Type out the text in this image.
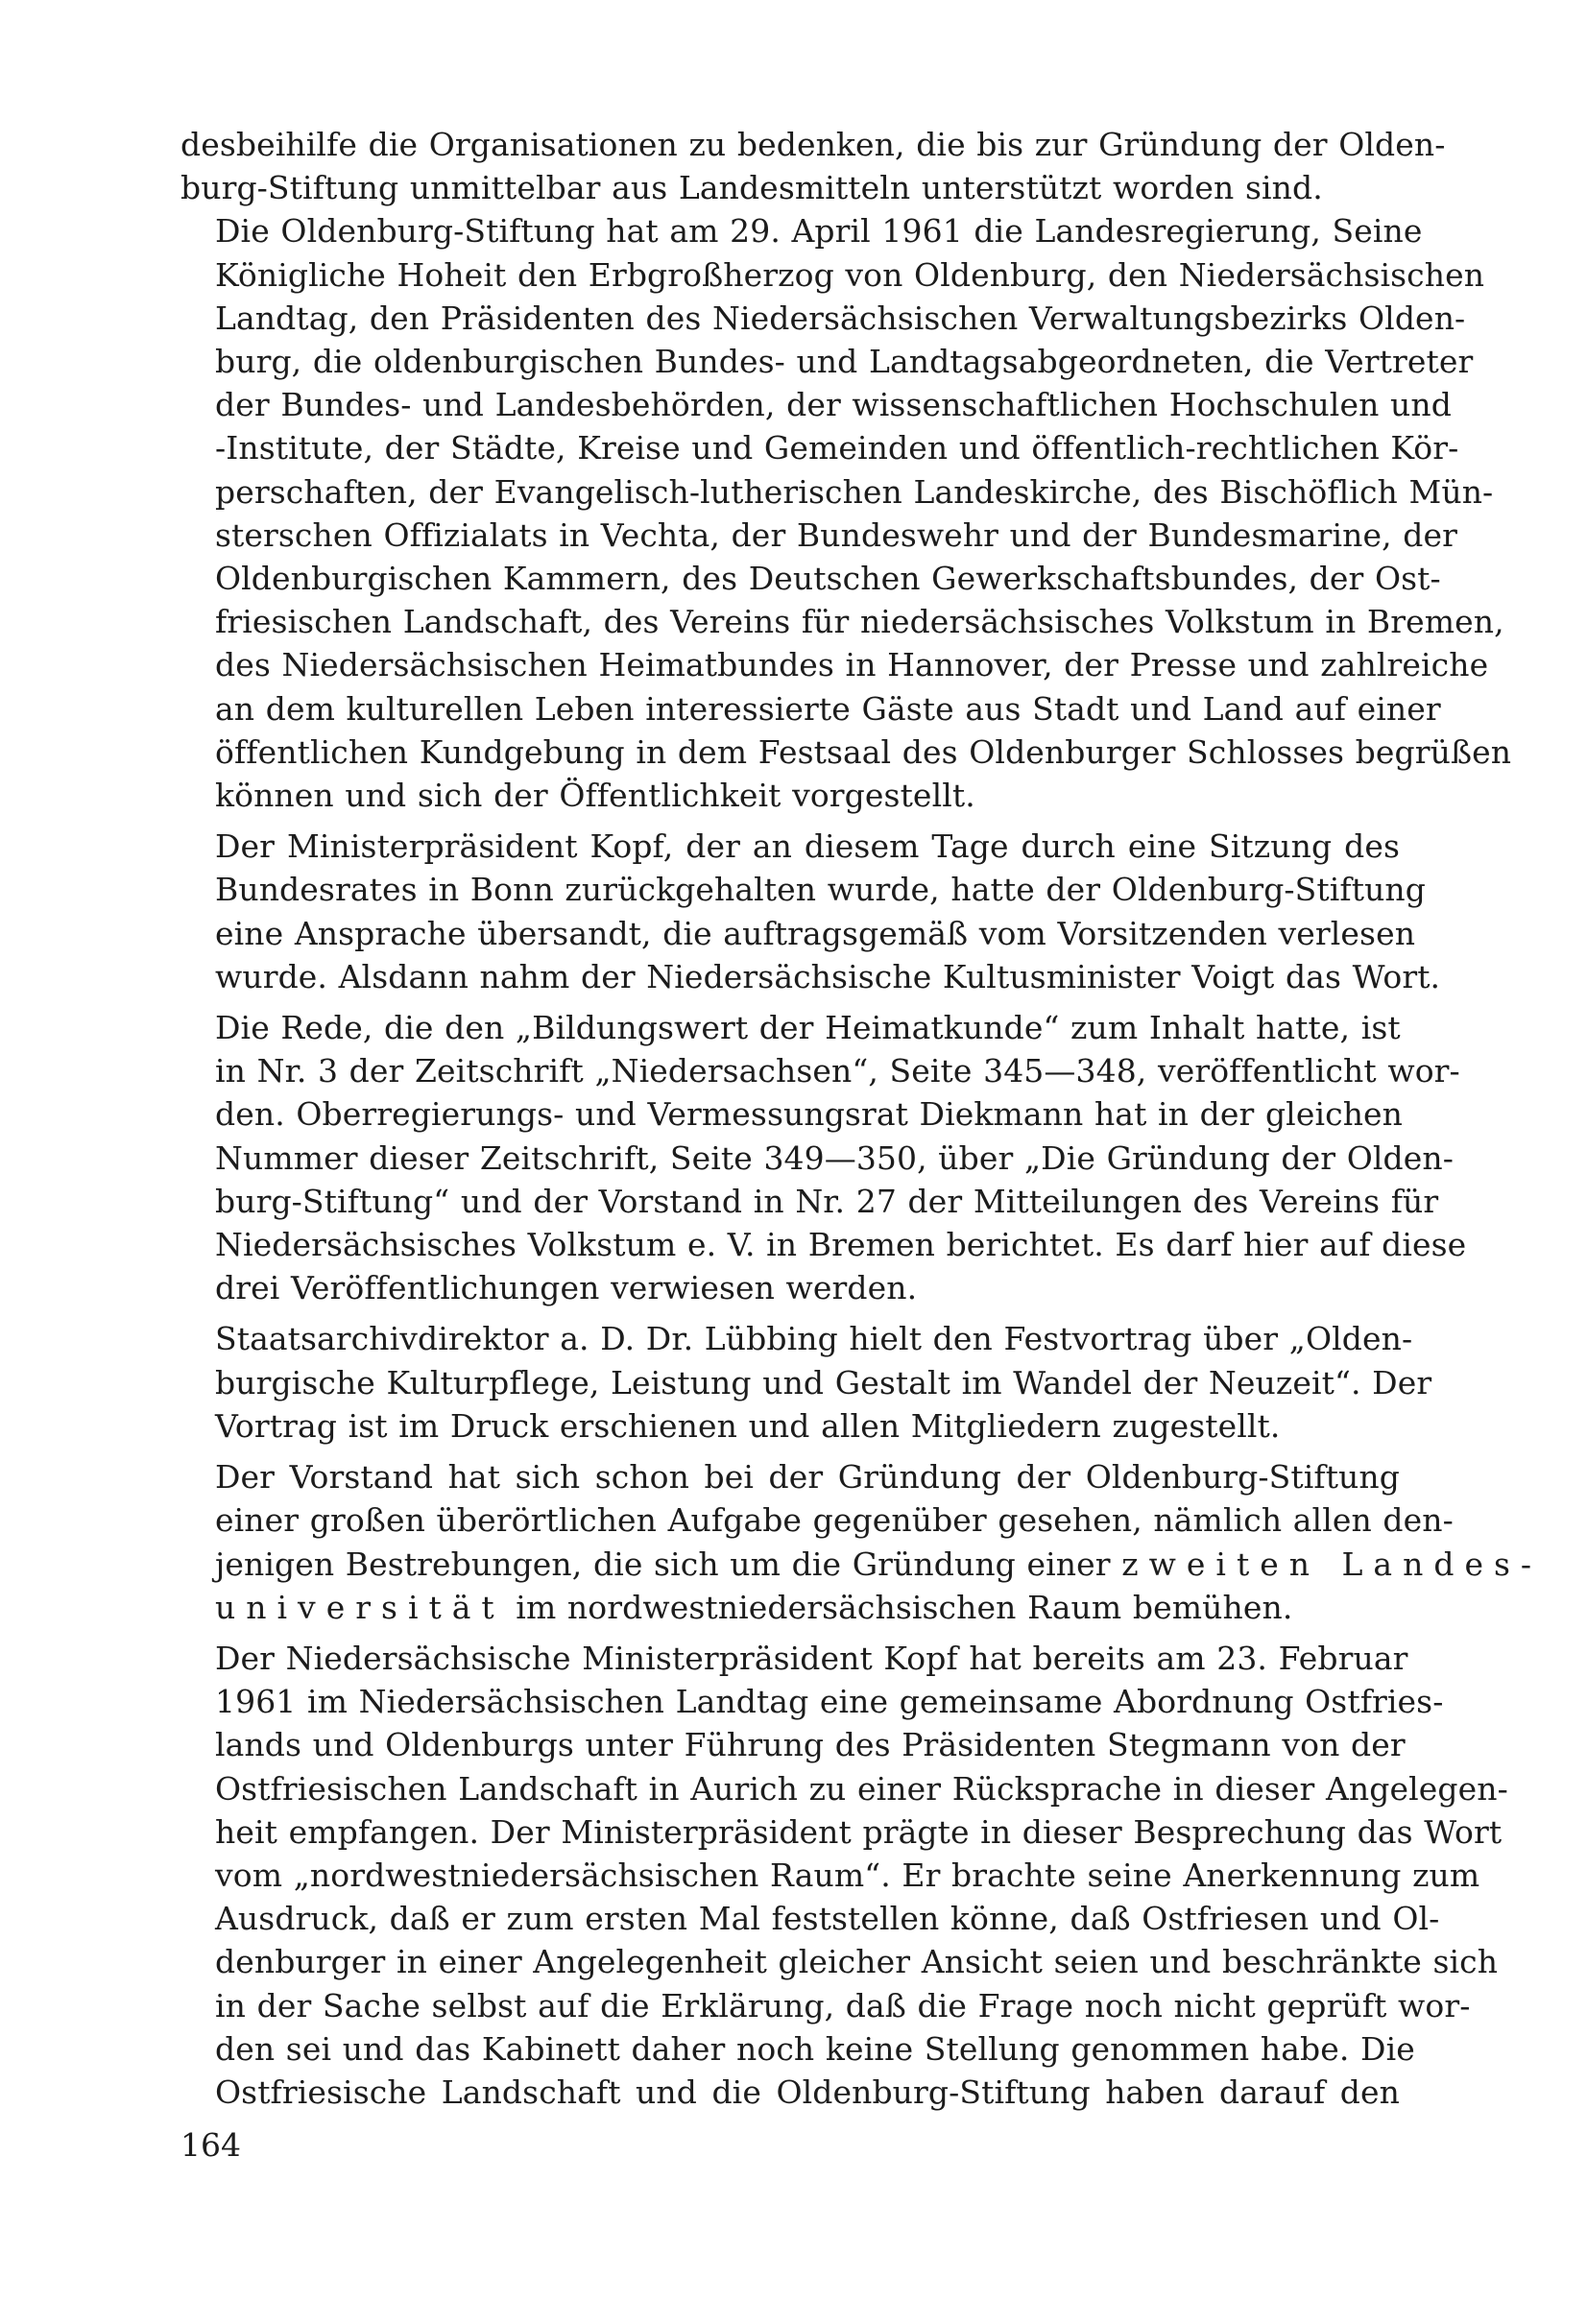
desbeihilfe die Organisationen zu bedenken, die bis zur Gründung der Olden-
burg-Stiftung unmittelbar aus Landesmitteln unterstützt worden sind.

Die Oldenburg-Stiftung hat am 29. April 1961 die Landesregierung, Seine
Königliche Hoheit den Erbgroßherzog von Oldenburg, den Niedersächsischen
Landtag, den Präsidenten des Niedersächsischen Verwaltungsbezirks Olden-
burg, die oldenburgischen Bundes- und Landtagsabgeordneten, die Vertreter
der Bundes- und Landesbehörden, der wissenschaftlichen Hochschulen und
-Institute, der Städte, Kreise und Gemeinden und öffentlich-rechtlichen Kör-
perschaften, der Evangelisch-lutherischen Landeskirche, des Bischöflich Mün-
sterschen Offizialats in Vechta, der Bundeswehr und der Bundesmarine, der
Oldenburgischen Kammern, des Deutschen Gewerkschaftsbundes, der Ost-
friesischen Landschaft, des Vereins für niedersächsisches Volkstum in Bremen,
des Niedersächsischen Heimatbundes in Hannover, der Presse und zahlreiche
an dem kulturellen Leben interessierte Gäste aus Stadt und Land auf einer
öffentlichen Kundgebung in dem Festsaal des Oldenburger Schlosses begrüßen
können und sich der Öffentlichkeit vorgestellt.

Der Ministerpräsident Kopf, der an diesem Tage durch eine Sitzung des
Bundesrates in Bonn zurückgehalten wurde, hatte der Oldenburg-Stiftung
eine Ansprache übersandt, die auftragsgemäß vom Vorsitzenden verlesen
wurde. Alsdann nahm der Niedersächsische Kultusminister Voigt das Wort.

Die Rede, die den „Bildungswert der Heimatkunde“ zum Inhalt hatte, ist
in Nr. 3 der Zeitschrift „Niedersachsen“, Seite 345—348, veröffentlicht wor-
den. Oberregierungs- und Vermessungsrat Diekmann hat in der gleichen
Nummer dieser Zeitschrift, Seite 349—350, über „Die Gründung der Olden-
burg-Stiftung“ und der Vorstand in Nr. 27 der Mitteilungen des Vereins für
Niedersächsisches Volkstum e. V. in Bremen berichtet. Es darf hier auf diese
drei Veröffentlichungen verwiesen werden.

Staatsarchivdirektor a. D. Dr. Lübbing hielt den Festvortrag über „Olden-
burgische Kulturpflege, Leistung und Gestalt im Wandel der Neuzeit“. Der
Vortrag ist im Druck erschienen und allen Mitgliedern zugestellt.

Der Vorstand hat sich schon bei der Gründung der Oldenburg-Stiftung
einer großen überörtlichen Aufgabe gegenüber gesehen, nämlich allen den-
jenigen Bestrebungen, die sich um die Gründung einer zweiten Landes-
universität im nordwestniedersächsischen Raum bemühen.

Der Niedersächsische Ministerpräsident Kopf hat bereits am 23. Februar
1961 im Niedersächsischen Landtag eine gemeinsame Abordnung Ostfries-
lands und Oldenburgs unter Führung des Präsidenten Stegmann von der
Ostfriesischen Landschaft in Aurich zu einer Rücksprache in dieser Angelegen-
heit empfangen. Der Ministerpräsident prägte in dieser Besprechung das Wort
vom „nordwestniedersächsischen Raum“. Er brachte seine Anerkennung zum
Ausdruck, daß er zum ersten Mal feststellen könne, daß Ostfriesen und Ol-
denburger in einer Angelegenheit gleicher Ansicht seien und beschränkte sich
in der Sache selbst auf die Erklärung, daß die Frage noch nicht geprüft wor-
den sei und das Kabinett daher noch keine Stellung genommen habe. Die
Ostfriesische Landschaft und die Oldenburg-Stiftung haben darauf den

164
